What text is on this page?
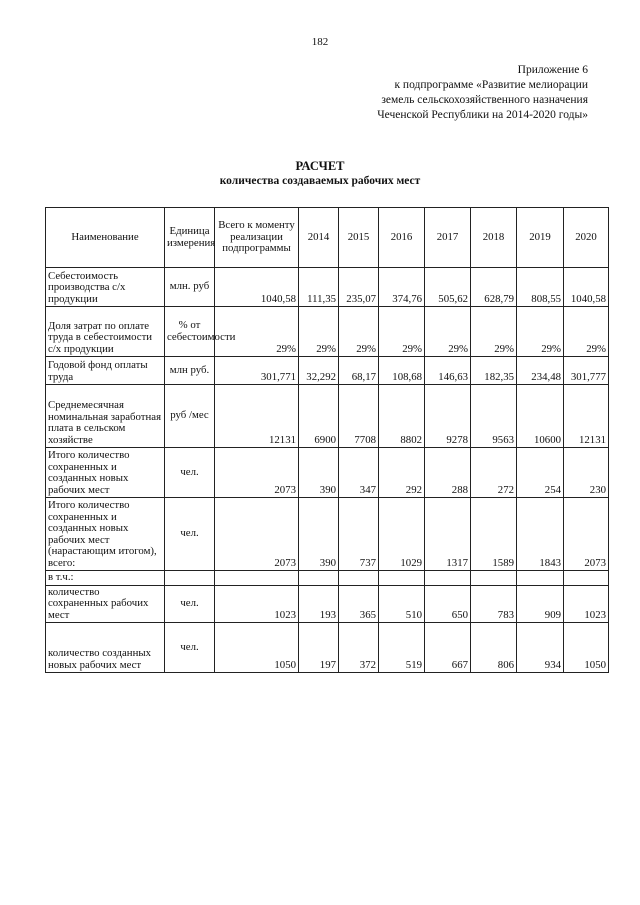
182
Приложение 6
к подпрограмме «Развитие мелиорации
земель сельскохозяйственного назначения
Чеченской Республики на 2014-2020 годы»
РАСЧЕТ
количества создаваемых рабочих мест
Наименование	Единица измерения	Всего к моменту реализации подпрограммы	2014	2015	2016	2017	2018	2019	2020
Себестоимость производства с/х продукции	млн. руб	1040,58	111,35	235,07	374,76	505,62	628,79	808,55	1040,58
Доля затрат по оплате труда в себестоимости с/х продукции	% от себестоимости	29%	29%	29%	29%	29%	29%	29%	29%
Годовой фонд оплаты труда	млн руб.	301,771	32,292	68,17	108,68	146,63	182,35	234,48	301,777
Среднемесячная номинальная заработная плата в сельском хозяйстве	руб /мес	12131	6900	7708	8802	9278	9563	10600	12131
Итого количество сохраненных и созданных новых рабочих мест	чел.	2073	390	347	292	288	272	254	230
Итого количество сохраненных и созданных новых рабочих мест (нарастающим итогом), всего:	чел.	2073	390	737	1029	1317	1589	1843	2073
в т.ч.:									
количество сохраненных рабочих мест	чел.	1023	193	365	510	650	783	909	1023
количество созданных новых рабочих мест	чел.	1050	197	372	519	667	806	934	1050
